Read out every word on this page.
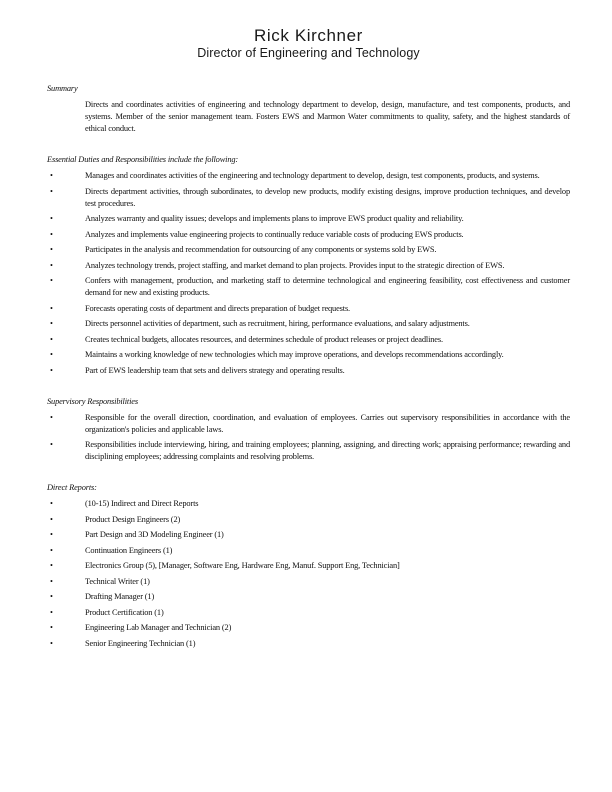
Rick Kirchner
Director of Engineering and Technology
Summary
Directs and coordinates activities of engineering and technology department to develop, design, manufacture, and test components, products, and systems. Member of the senior management team. Fosters EWS and Marmon Water commitments to quality, safety, and the highest standards of ethical conduct.
Essential Duties and Responsibilities include the following:
•
Manages and coordinates activities of the engineering and technology department to develop, design, test components, products, and systems.
•
Directs department activities, through subordinates, to develop new products, modify existing designs, improve production techniques, and develop test procedures.
•
Analyzes warranty and quality issues; develops and implements plans to improve EWS product quality and reliability.
•
Analyzes and implements value engineering projects to continually reduce variable costs of producing EWS products.
•
Participates in the analysis and recommendation for outsourcing of any components or systems sold by EWS.
•
Analyzes technology trends, project staffing, and market demand to plan projects. Provides input to the strategic direction of EWS.
•
Confers with management, production, and marketing staff to determine technological and engineering feasibility, cost effectiveness and customer demand for new and existing products.
•
Forecasts operating costs of department and directs preparation of budget requests.
•
Directs personnel activities of department, such as recruitment, hiring, performance evaluations, and salary adjustments.
•
Creates technical budgets, allocates resources, and determines schedule of product releases or project deadlines.
•
Maintains a working knowledge of new technologies which may improve operations, and develops recommendations accordingly.
•
Part of EWS leadership team that sets and delivers strategy and operating results.
Supervisory Responsibilities
•
Responsible for the overall direction, coordination, and evaluation of employees. Carries out supervisory responsibilities in accordance with the organization's policies and applicable laws.
•
Responsibilities include interviewing, hiring, and training employees; planning, assigning, and directing work; appraising performance; rewarding and disciplining employees; addressing complaints and resolving problems.
Direct Reports:
•
(10-15) Indirect and Direct Reports
•
Product Design Engineers (2)
•
Part Design and 3D Modeling Engineer (1)
•
Continuation Engineers (1)
•
Electronics Group (5), [Manager, Software Eng, Hardware Eng, Manuf. Support Eng, Technician]
•
Technical Writer (1)
•
Drafting Manager (1)
•
Product Certification (1)
•
Engineering Lab Manager and Technician (2)
•
Senior Engineering Technician (1)
